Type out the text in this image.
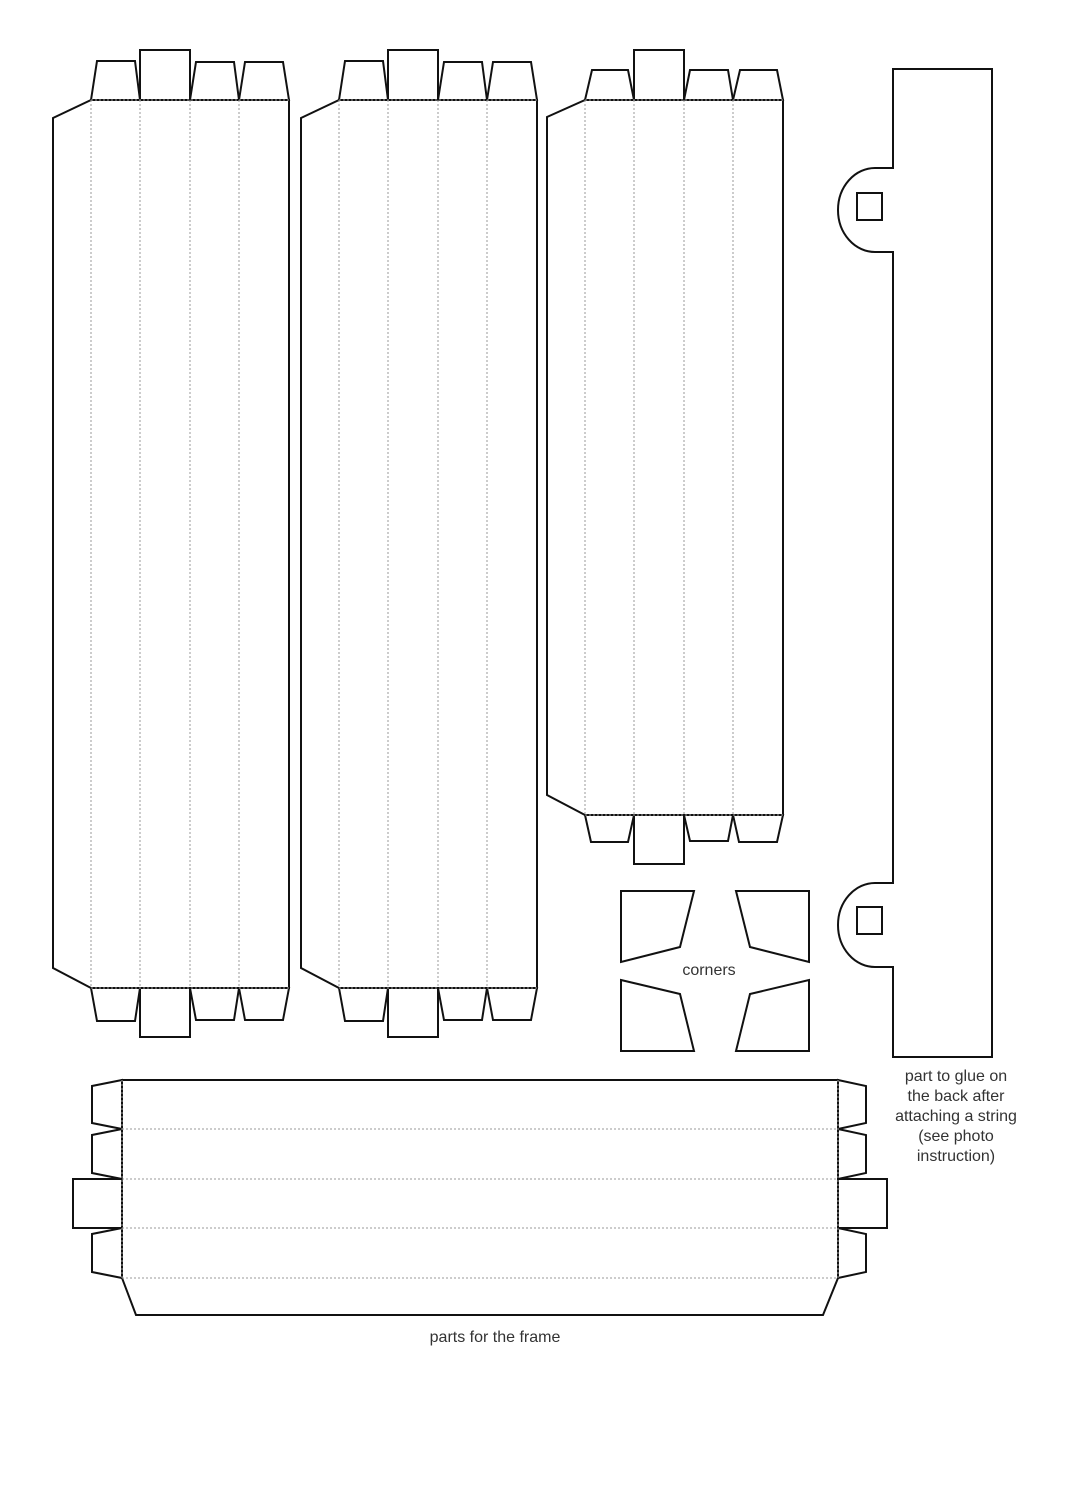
corners
part to glue on
the back after
attaching a string
(see photo
instruction)
parts for the frame
